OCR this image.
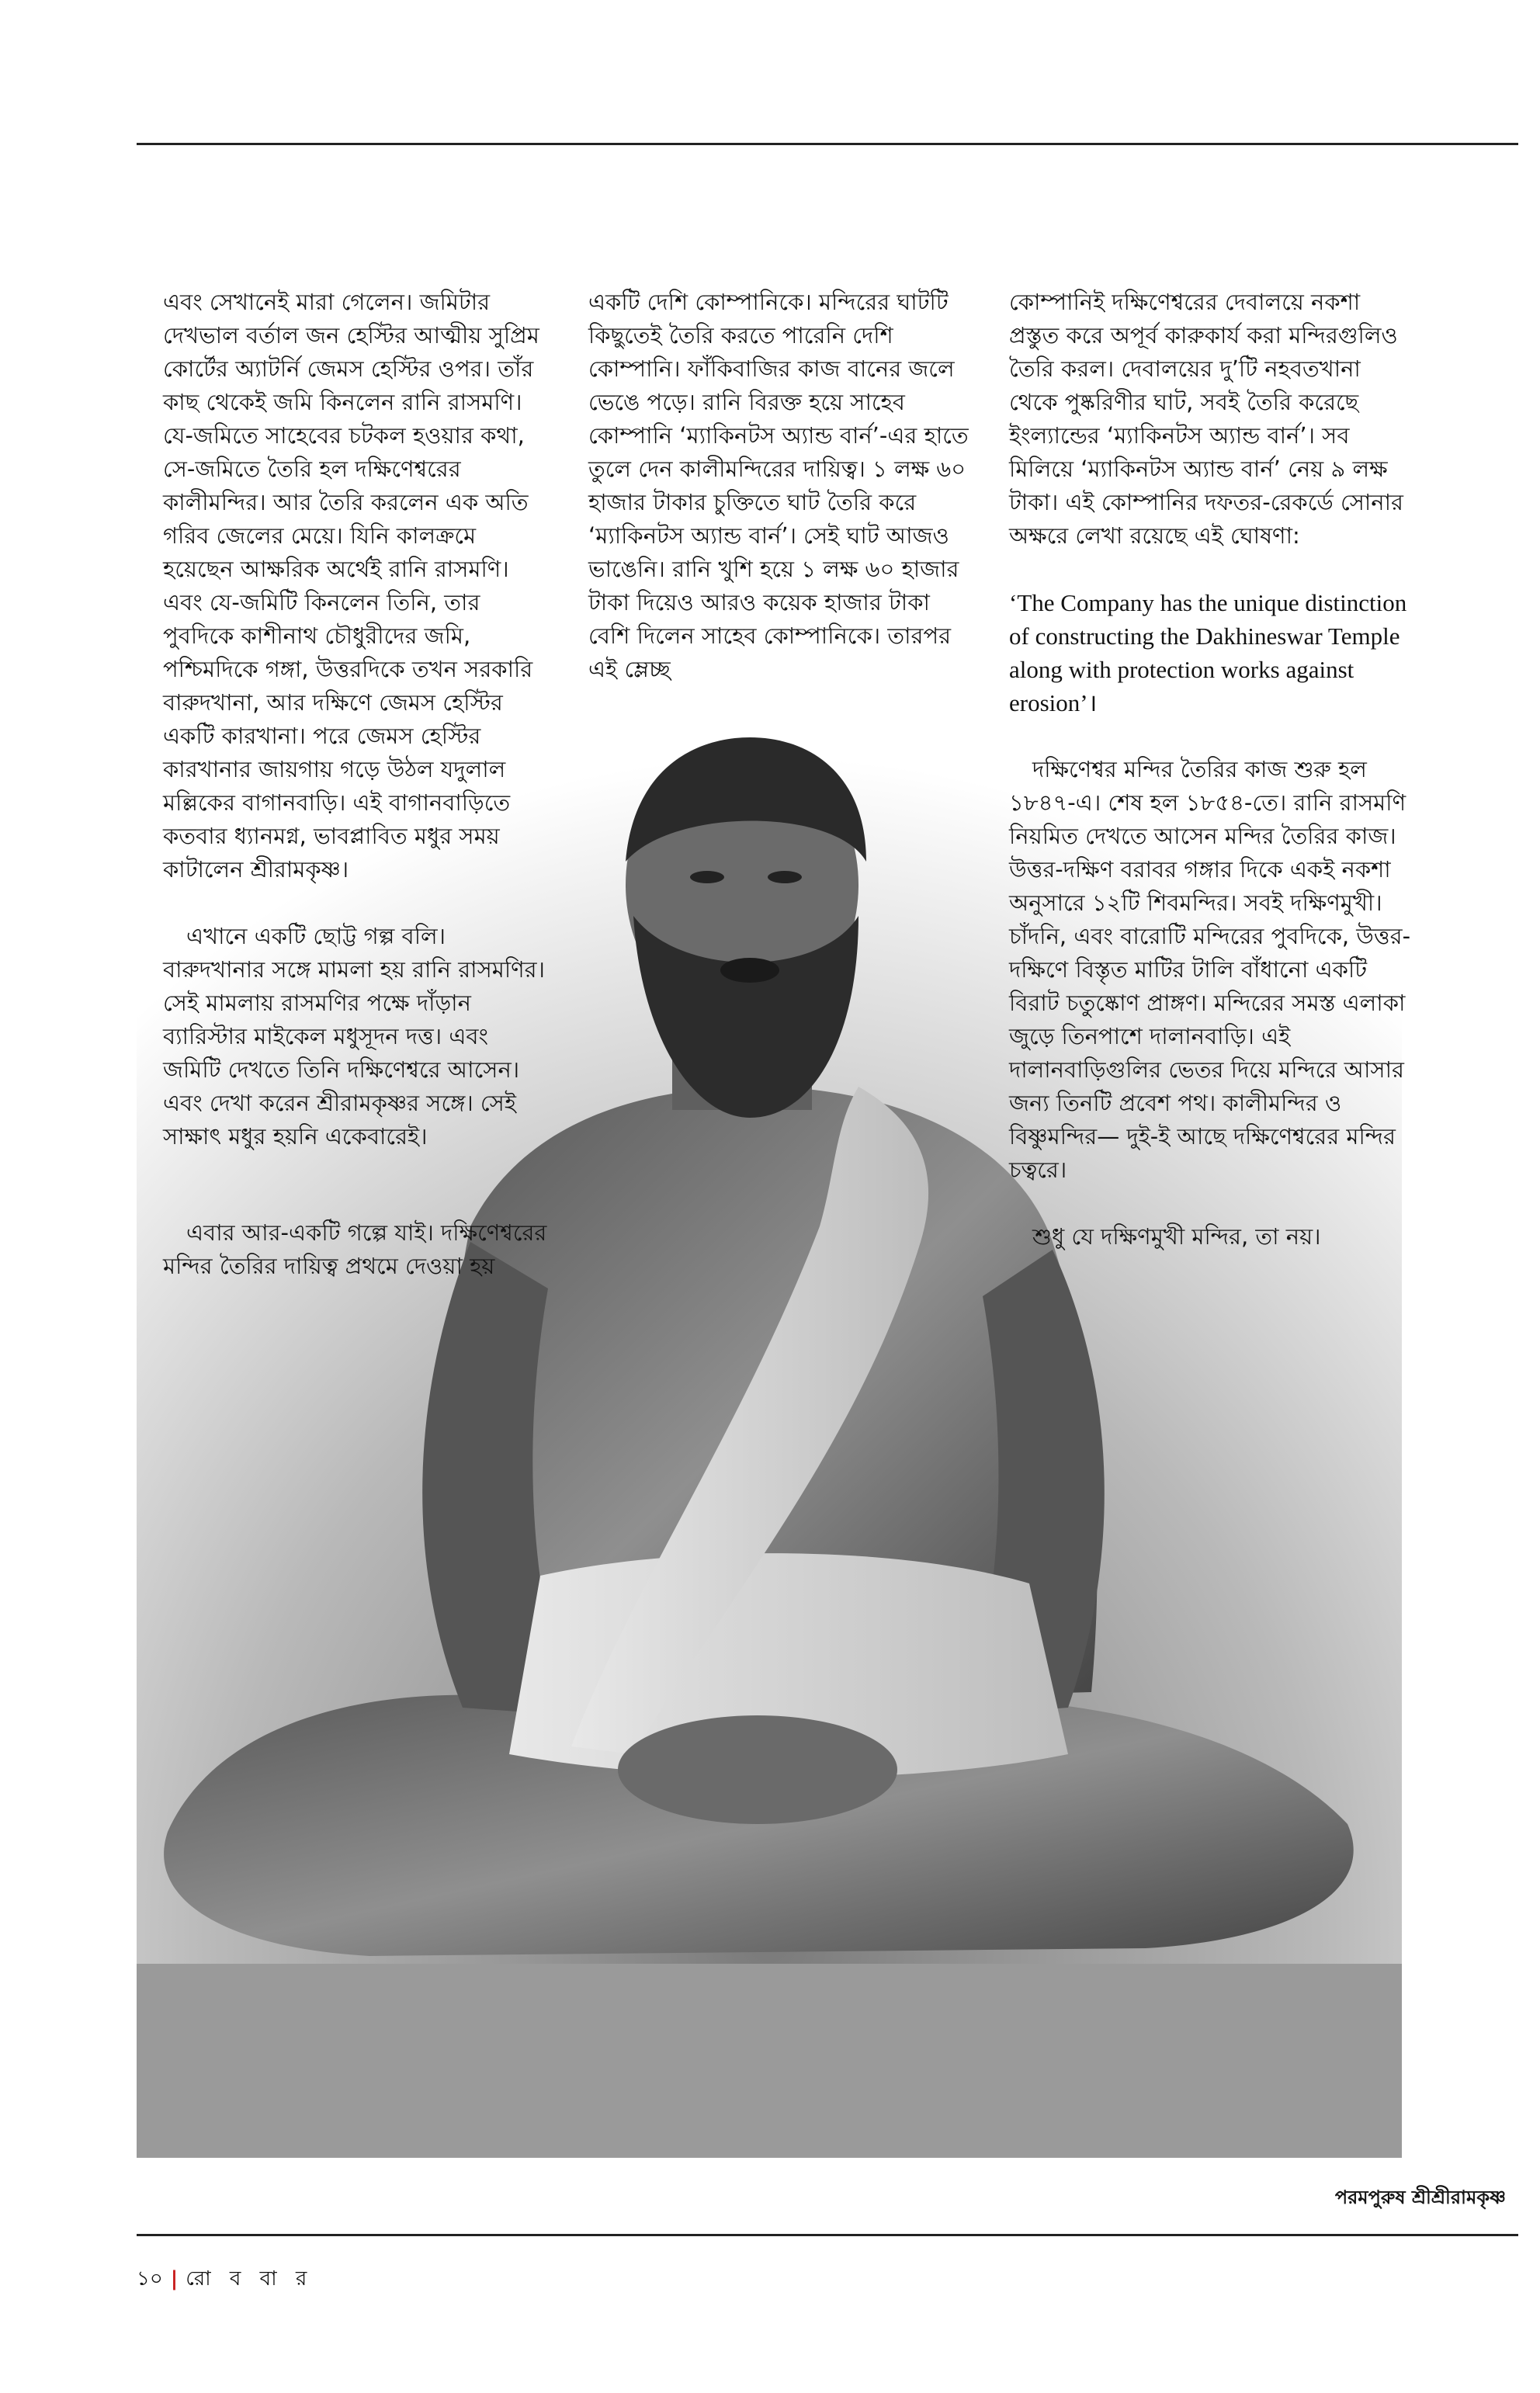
এবং সেখানেই মারা গেলেন। জমিটার দেখভাল বর্তাল জন হেস্টির আত্মীয় সুপ্রিম কোর্টের অ্যাটর্নি জেমস হেস্টির ওপর। তাঁর কাছ থেকেই জমি কিনলেন রানি রাসমণি। যে-জমিতে সাহেবের চটকল হওয়ার কথা, সে-জমিতে তৈরি হল দক্ষিণেশ্বরের কালীমন্দির। আর তৈরি করলেন এক অতি গরিব জেলের মেয়ে। যিনি কালক্রমে হয়েছেন আক্ষরিক অর্থেই রানি রাসমণি। এবং যে-জমিটি কিনলেন তিনি, তার পুবদিকে কাশীনাথ চৌধুরীদের জমি, পশ্চিমদিকে গঙ্গা, উত্তরদিকে তখন সরকারি বারুদখানা, আর দক্ষিণে জেমস হেস্টির একটি কারখানা। পরে জেমস হেস্টির কারখানার জায়গায় গড়ে উঠল যদুলাল মল্লিকের বাগানবাড়ি। এই বাগানবাড়িতে কতবার ধ্যানমগ্ন, ভাবপ্লাবিত মধুর সময় কাটালেন শ্রীরামকৃষ্ণ।

এখানে একটি ছোট্ট গল্প বলি। বারুদখানার সঙ্গে মামলা হয় রানি রাসমণির। সেই মামলায় রাসমণির পক্ষে দাঁড়ান ব্যারিস্টার মাইকেল মধুসূদন দত্ত। এবং জমিটি দেখতে তিনি দক্ষিণেশ্বরে আসেন। এবং দেখা করেন শ্রীরামকৃষ্ণর সঙ্গে। সেই সাক্ষাৎ মধুর হয়নি একেবারেই।

এবার আর-একটি গল্পে যাই। দক্ষিণেশ্বরের মন্দির তৈরির দায়িত্ব প্রথমে দেওয়া হয়

একটি দেশি কোম্পানিকে। মন্দিরের ঘাটটি কিছুতেই তৈরি করতে পারেনি দেশি কোম্পানি। ফাঁকিবাজির কাজ বানের জলে ভেঙে পড়ে। রানি বিরক্ত হয়ে সাহেব কোম্পানি ‘ম্যাকিনটস অ্যান্ড বার্ন’-এর হাতে তুলে দেন কালীমন্দিরের দায়িত্ব। ১ লক্ষ ৬০ হাজার টাকার চুক্তিতে ঘাট তৈরি করে ‘ম্যাকিনটস অ্যান্ড বার্ন’। সেই ঘাট আজও ভাঙেনি। রানি খুশি হয়ে ১ লক্ষ ৬০ হাজার টাকা দিয়েও আরও কয়েক হাজার টাকা বেশি দিলেন সাহেব কোম্পানিকে। তারপর এই ম্লেচ্ছ

কোম্পানিই দক্ষিণেশ্বরের দেবালয়ে নকশা প্রস্তুত করে অপূর্ব কারুকার্য করা মন্দিরগুলিও তৈরি করল। দেবালয়ের দু’টি নহবতখানা থেকে পুষ্করিণীর ঘাট, সবই তৈরি করেছে ইংল্যান্ডের ‘ম্যাকিনটস অ্যান্ড বার্ন’। সব মিলিয়ে ‘ম্যাকিনটস অ্যান্ড বার্ন’ নেয় ৯ লক্ষ টাকা। এই কোম্পানির দফতর-রেকর্ডে সোনার অক্ষরে লেখা রয়েছে এই ঘোষণা:

‘The Company has the unique distinction of constructing the Dakhineswar Temple along with protection works against erosion’।

দক্ষিণেশ্বর মন্দির তৈরির কাজ শুরু হল ১৮৪৭-এ। শেষ হল ১৮৫৪-তে। রানি রাসমণি নিয়মিত দেখতে আসেন মন্দির তৈরির কাজ। উত্তর-দক্ষিণ বরাবর গঙ্গার দিকে একই নকশা অনুসারে ১২টি শিবমন্দির। সবই দক্ষিণমুখী। চাঁদনি, এবং বারোটি মন্দিরের পুবদিকে, উত্তর-দক্ষিণে বিস্তৃত মাটির টালি বাঁধানো একটি বিরাট চতুষ্কোণ প্রাঙ্গণ। মন্দিরের সমস্ত এলাকা জুড়ে তিনপাশে দালানবাড়ি। এই দালানবাড়িগুলির ভেতর দিয়ে মন্দিরে আসার জন্য তিনটি প্রবেশ পথ। কালীমন্দির ও বিষ্ণুমন্দির— দুই-ই আছে দক্ষিণেশ্বরের মন্দির চত্বরে।

শুধু যে দক্ষিণমুখী মন্দির, তা নয়।

পরমপুরুষ শ্রীশ্রীরামকৃষ্ণ
১০ | রো ব বা র
